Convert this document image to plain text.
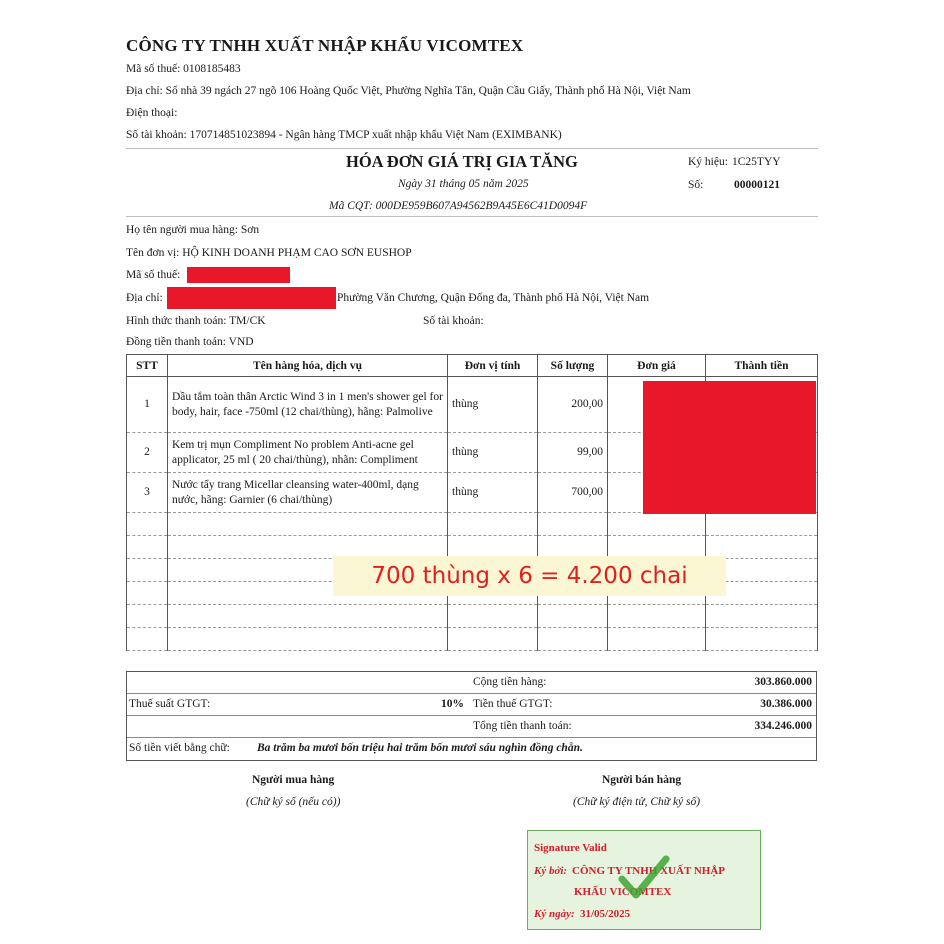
CÔNG TY TNHH XUẤT NHẬP KHẨU VICOMTEX
Mã số thuế: 0108185483
Địa chỉ: Số nhà 39 ngách 27 ngõ 106 Hoàng Quốc Việt, Phường Nghĩa Tân, Quận Cầu Giấy, Thành phố Hà Nội, Việt Nam
Điện thoại:
Số tài khoản: 170714851023894 - Ngân hàng TMCP xuất nhập khẩu Việt Nam (EXIMBANK)
HÓA ĐƠN GIÁ TRỊ GIA TĂNG
Ngày 31 tháng 05 năm 2025
Mã CQT: 000DE959B607A94562B9A45E6C41D0094F
Ký hiệu: 1C25TYY
Số:	00000121
Họ tên người mua hàng: Sơn
Tên đơn vị: HỘ KINH DOANH PHẠM CAO SƠN EUSHOP
Mã số thuế:
Địa chỉ:	Phường Văn Chương, Quận Đống đa, Thành phố Hà Nội, Việt Nam
Hình thức thanh toán: TM/CK	Số tài khoản:
Đồng tiền thanh toán: VND
STT	Tên hàng hóa, dịch vụ	Đơn vị tính	Số lượng	Đơn giá	Thành tiền
1	Dầu tắm toàn thân Arctic Wind 3 in 1 men's shower gel for body, hair, face -750ml (12 chai/thùng), hãng: Palmolive	thùng	200,00		
2	Kem trị mụn Compliment No problem Anti-acne gel applicator, 25 ml ( 20 chai/thùng), nhãn: Compliment	thùng	99,00		
3	Nước tẩy trang Micellar cleansing water-400ml, dạng nước, hãng: Garnier (6 chai/thùng)	thùng	700,00		

700 thùng x 6 = 4.200 chai
Cộng tiền hàng:	303.860.000
Thuế suất GTGT:	10% Tiền thuế GTGT:	30.386.000
Tổng tiền thanh toán:	334.246.000
Số tiền viết bằng chữ: Ba trăm ba mươi bốn triệu hai trăm bốn mươi sáu nghìn đồng chẵn.
Người mua hàng
(Chữ ký số (nếu có))
Người bán hàng
(Chữ ký điện tử, Chữ ký số)
Signature Valid
Ký bởi: CÔNG TY TNHH XUẤT NHẬP
KHẨU VICOMTEX
Ký ngày: 31/05/2025
